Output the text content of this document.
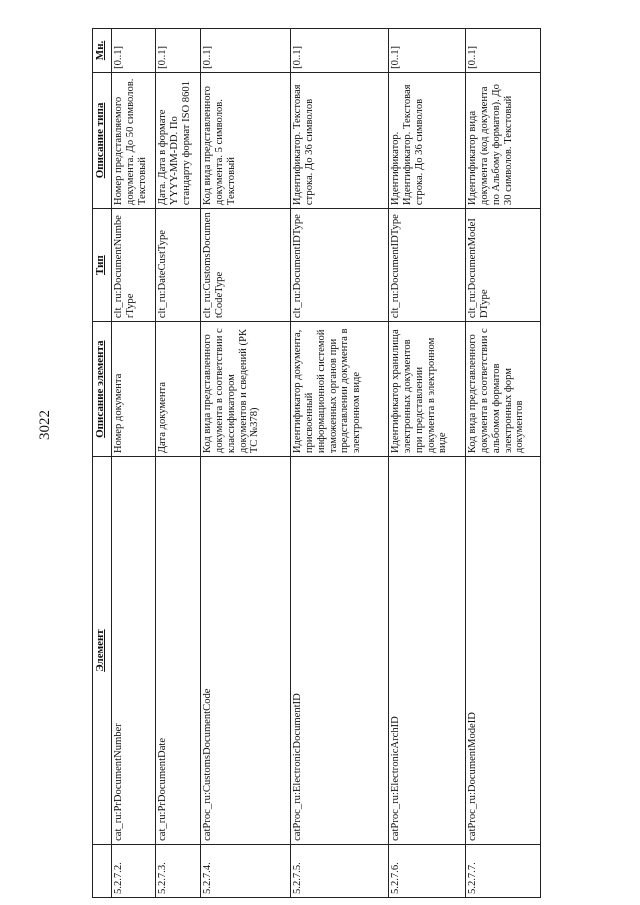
3022
	Элемент	Описание элемента	Тип	Описание типа	Мн.
5.2.7.2.	cat_ru:PrDocumentNumber	Номер документа	clt_ru:DocumentNumberType	Номер представляемого документа. До 50 символов. Текстовый	[0..1]
5.2.7.3.	cat_ru:PrDocumentDate	Дата документа	clt_ru:DateCustType	Дата. Дата в формате YYYY-MM-DD. По стандарту формат ISO 8601	[0..1]
5.2.7.4.	catProc_ru:CustomsDocumentCode	Код вида представленного документа в соответствии с классификатором документов и сведений (РК ТС №378)	clt_ru:CustomsDocumentCodeType	Код вида представленного документа. 5 символов. Текстовый	[0..1]
5.2.7.5.	catProc_ru:ElectronicDocumentID	Идентификатор документа, присвоенный информационной системой таможенных органов при представлении документа в электронном виде	clt_ru:DocumentIDType	Идентификатор. Текстовая строка. До 36 символов	[0..1]
5.2.7.6.	catProc_ru:ElectronicArchID	Идентификатор хранилища электронных документов при представлении документа в электронном виде	clt_ru:DocumentIDType	Идентификатор. Идентификатор. Текстовая строка. До 36 символов	[0..1]
5.2.7.7.	catProc_ru:DocumentModeID	Код вида представленного документа в соответствии с альбомом форматов электронных форм документов	clt_ru:DocumentModeIDType	Идентификатор вида документа (код документа по Альбому форматов). До 30 символов. Текстовый	[0..1]
